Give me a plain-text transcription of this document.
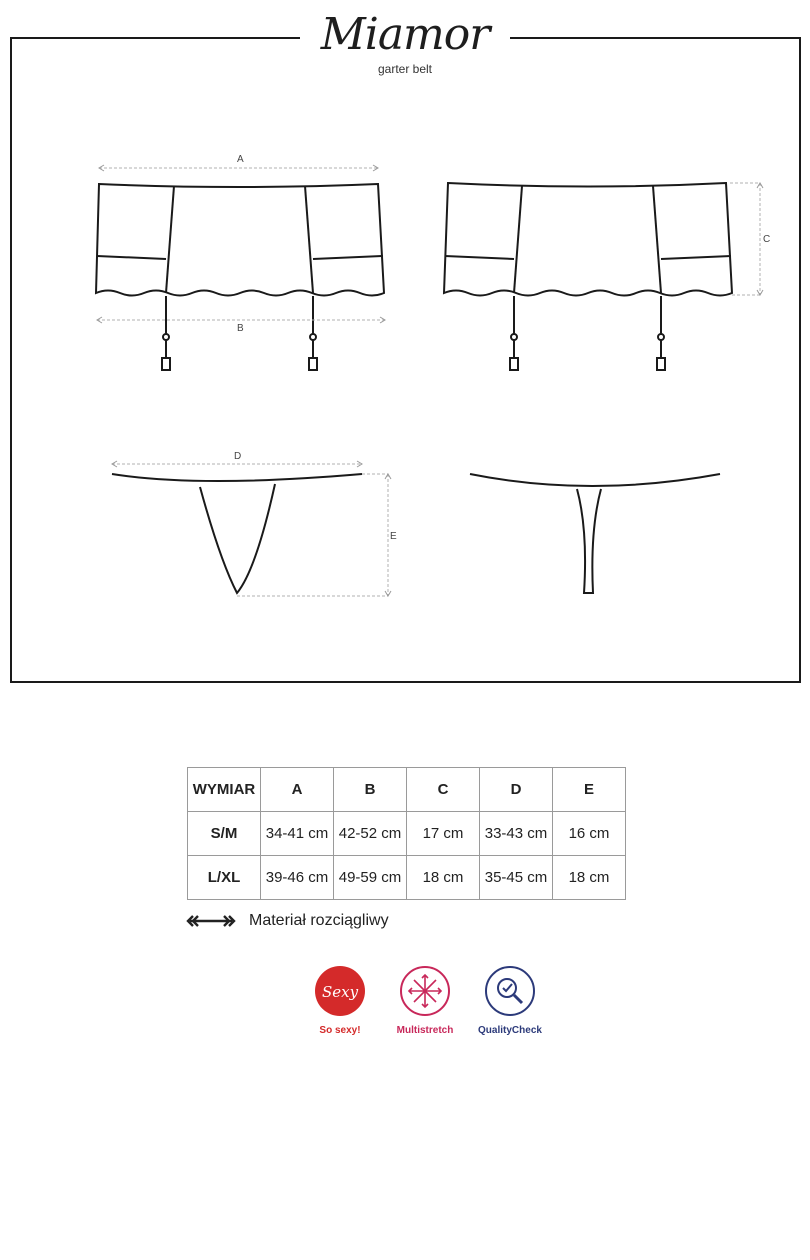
A
B
C
D
E
Miamor
garter belt
WYMIAR	A	B	C	D	E
S/M	34-41 cm	42-52 cm	17 cm	33-43 cm	16 cm
L/XL	39-46 cm	49-59 cm	18 cm	35-45 cm	18 cm
Materiał rozciągliwy
Sexy
So sexy!	Multistretch	QualityCheck
